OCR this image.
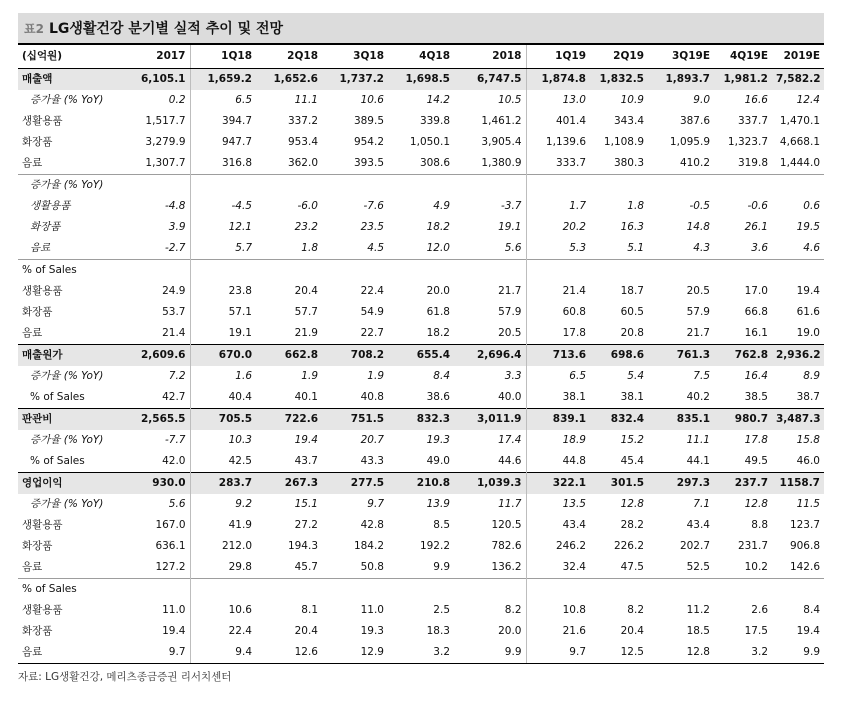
표2 LG생활건강 분기별 실적 추이 및 전망
(십억원)	2017	1Q18	2Q18	3Q18	4Q18	2018	1Q19	2Q19	3Q19E	4Q19E	2019E
매출액	6,105.1	1,659.2	1,652.6	1,737.2	1,698.5	6,747.5	1,874.8	1,832.5	1,893.7	1,981.2	7,582.2
증가율 (% YoY)	0.2	6.5	11.1	10.6	14.2	10.5	13.0	10.9	9.0	16.6	12.4
생활용품	1,517.7	394.7	337.2	389.5	339.8	1,461.2	401.4	343.4	387.6	337.7	1,470.1
화장품	3,279.9	947.7	953.4	954.2	1,050.1	3,905.4	1,139.6	1,108.9	1,095.9	1,323.7	4,668.1
음료	1,307.7	316.8	362.0	393.5	308.6	1,380.9	333.7	380.3	410.2	319.8	1,444.0
증가율 (% YoY)											
생활용품	-4.8	-4.5	-6.0	-7.6	4.9	-3.7	1.7	1.8	-0.5	-0.6	0.6
화장품	3.9	12.1	23.2	23.5	18.2	19.1	20.2	16.3	14.8	26.1	19.5
음료	-2.7	5.7	1.8	4.5	12.0	5.6	5.3	5.1	4.3	3.6	4.6
% of Sales											
생활용품	24.9	23.8	20.4	22.4	20.0	21.7	21.4	18.7	20.5	17.0	19.4
화장품	53.7	57.1	57.7	54.9	61.8	57.9	60.8	60.5	57.9	66.8	61.6
음료	21.4	19.1	21.9	22.7	18.2	20.5	17.8	20.8	21.7	16.1	19.0
매출원가	2,609.6	670.0	662.8	708.2	655.4	2,696.4	713.6	698.6	761.3	762.8	2,936.2
증가율 (% YoY)	7.2	1.6	1.9	1.9	8.4	3.3	6.5	5.4	7.5	16.4	8.9
% of Sales	42.7	40.4	40.1	40.8	38.6	40.0	38.1	38.1	40.2	38.5	38.7
판관비	2,565.5	705.5	722.6	751.5	832.3	3,011.9	839.1	832.4	835.1	980.7	3,487.3
증가율 (% YoY)	-7.7	10.3	19.4	20.7	19.3	17.4	18.9	15.2	11.1	17.8	15.8
% of Sales	42.0	42.5	43.7	43.3	49.0	44.6	44.8	45.4	44.1	49.5	46.0
영업이익	930.0	283.7	267.3	277.5	210.8	1,039.3	322.1	301.5	297.3	237.7	1158.7
증가율 (% YoY)	5.6	9.2	15.1	9.7	13.9	11.7	13.5	12.8	7.1	12.8	11.5
생활용품	167.0	41.9	27.2	42.8	8.5	120.5	43.4	28.2	43.4	8.8	123.7
화장품	636.1	212.0	194.3	184.2	192.2	782.6	246.2	226.2	202.7	231.7	906.8
음료	127.2	29.8	45.7	50.8	9.9	136.2	32.4	47.5	52.5	10.2	142.6
% of Sales											
생활용품	11.0	10.6	8.1	11.0	2.5	8.2	10.8	8.2	11.2	2.6	8.4
화장품	19.4	22.4	20.4	19.3	18.3	20.0	21.6	20.4	18.5	17.5	19.4
음료	9.7	9.4	12.6	12.9	3.2	9.9	9.7	12.5	12.8	3.2	9.9
자료: LG생활건강, 메리츠종금증권 리서치센터
